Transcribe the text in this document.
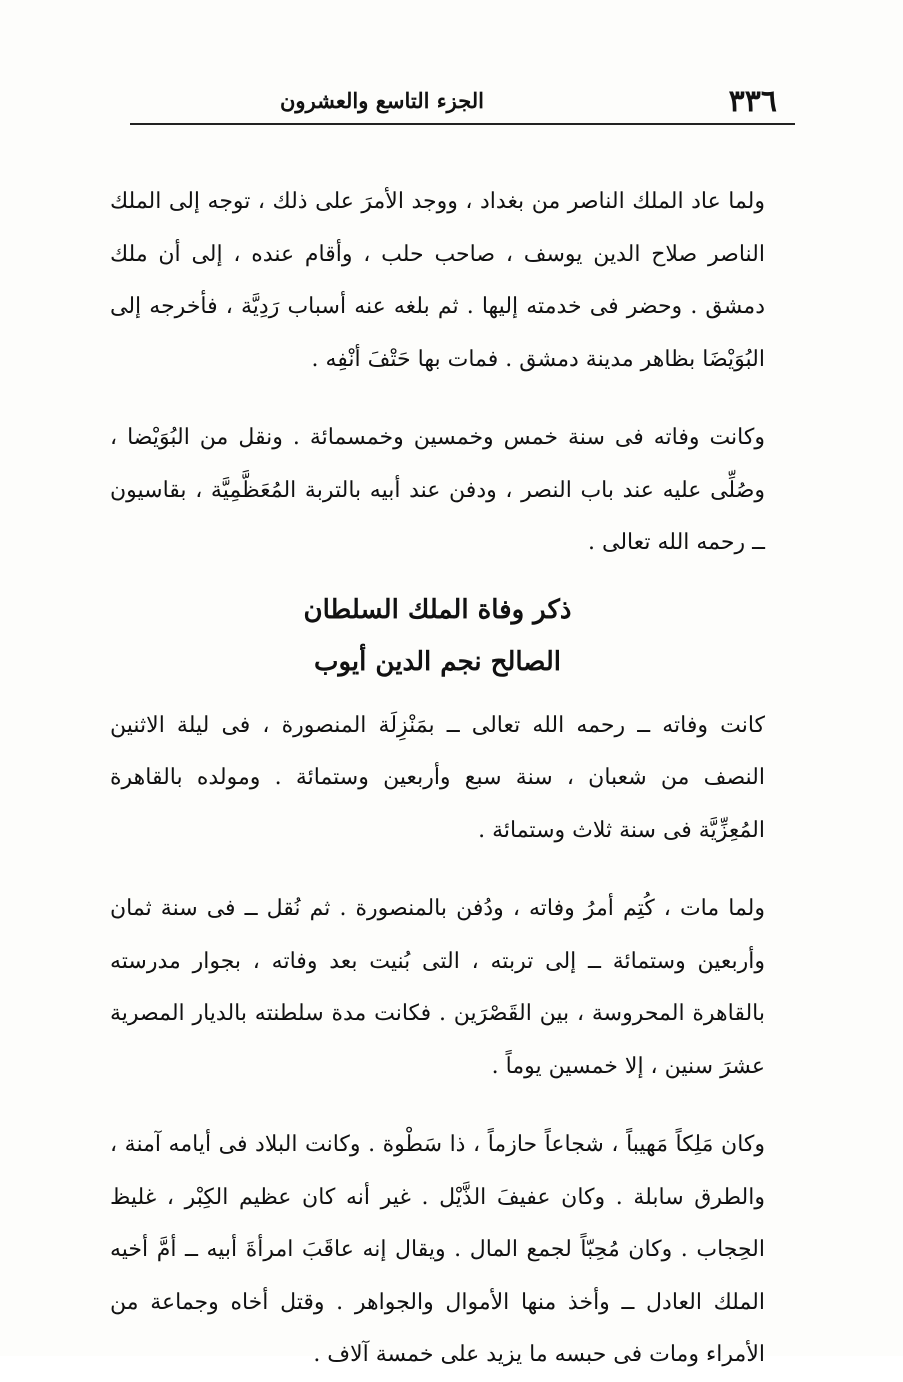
٣٣٦
الجزء التاسع والعشرون

ولما عاد الملك الناصر من بغداد ، ووجد الأمرَ على ذلك ، توجه إلى الملك الناصر صلاح الدين يوسف ، صاحب حلب ، وأقام عنده ، إلى أن ملك دمشق . وحضر فى خدمته إليها . ثم بلغه عنه أسباب رَدِيَّة ، فأخرجه إلى البُوَيْضَا بظاهر مدينة دمشق . فمات بها حَتْفَ أنْفِه .

وكانت وفاته فى سنة خمس وخمسين وخمسمائة . ونقل من البُوَيْضا ، وصُلِّى عليه عند باب النصر ، ودفن عند أبيه بالتربة المُعَظَّمِيَّة ، بقاسيون ــ رحمه الله تعالى .

ذكر وفاة الملك السلطان

الصالح نجم الدين أيوب

كانت وفاته ــ رحمه الله تعالى ــ بمَنْزِلَة المنصورة ، فى ليلة الاثنين النصف من شعبان ، سنة سبع وأربعين وستمائة . ومولده بالقاهرة المُعِزِّيَّة فى سنة ثلاث وستمائة .

ولما مات ، كُتِم أمرُ وفاته ، ودُفن بالمنصورة . ثم نُقل ــ فى سنة ثمان وأربعين وستمائة ــ إلى تربته ، التى بُنيت بعد وفاته ، بجوار مدرسته بالقاهرة المحروسة ، بين القَصْرَين . فكانت مدة سلطنته بالديار المصرية عشرَ سنين ، إلا خمسين يوماً .

وكان مَلِكاً مَهيباً ، شجاعاً حازماً ، ذا سَطْوة . وكانت البلاد فى أيامه آمنة ، والطرق سابلة . وكان عفيفَ الذَّيْل . غير أنه كان عظيم الكِبْر ، غليظ الحِجاب . وكان مُحِبّاً لجمع المال . ويقال إنه عاقَبَ امرأةَ أبيه ــ أمَّ أخيه الملك العادل ــ وأخذ منها الأموال والجواهر . وقتل أخاه وجماعة من الأمراء ومات فى حبسه ما يزيد على خمسة آلاف .
